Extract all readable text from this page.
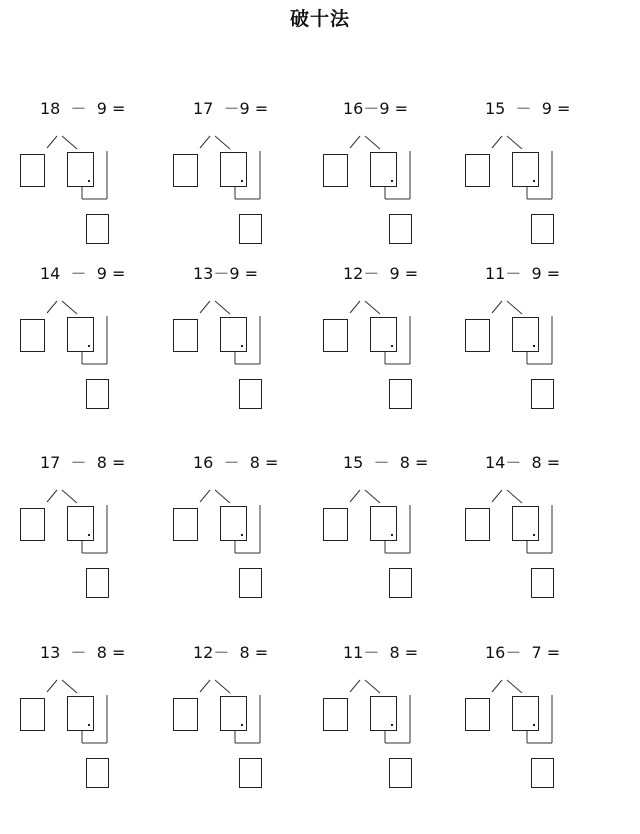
破十法
18  －  9 =	17  －9 =	16－9 =	15  －  9 =
14  －  9 =	13－9 =	12－  9 =	11－  9 =
17  －  8 =	16  －  8 =	15  －  8 =	14－  8 =
13  －  8 =	12－  8 =	11－  8 =	16－  7 =
